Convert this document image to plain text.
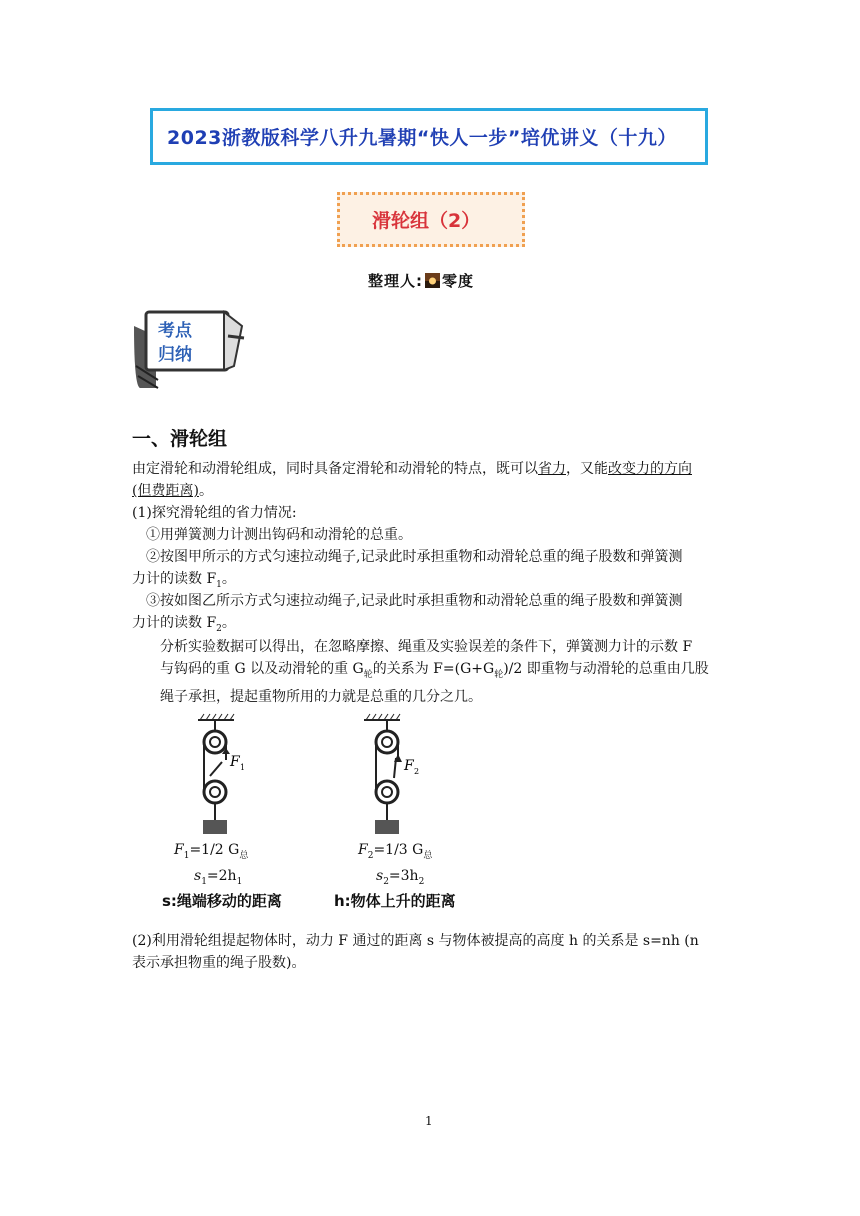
2023浙教版科学八升九暑期“快人一步”培优讲义（十九）
滑轮组（2）
整理人: 零度
考点
归纳
一、滑轮组
由定滑轮和动滑轮组成，同时具备定滑轮和动滑轮的特点，既可以省力，又能改变力的方向
(但费距离)。
(1)探究滑轮组的省力情况:
①用弹簧测力计测出钩码和动滑轮的总重。
②按图甲所示的方式匀速拉动绳子,记录此时承担重物和动滑轮总重的绳子股数和弹簧测
力计的读数 $F_1$。
③按如图乙所示方式匀速拉动绳子,记录此时承担重物和动滑轮总重的绳子股数和弹簧测
力计的读数 $F_2$。
分析实验数据可以得出，在忽略摩擦、绳重及实验误差的条件下，弹簧测力计的示数 F
与钩码的重 G 以及动滑轮的重 $G_轮$的关系为 $F=(G+G_轮)/2$ 即重物与动滑轮的总重由几股
绳子承担，提起重物所用的力就是总重的几分之几。
F 1	F 2
$F_1=1/2$ $G_总$	$F_2=1/3$ $G_总$
$s_1=2h_1$	$s_2=3h_2$
s:绳端移动的距离	h:物体上升的距离
(2)利用滑轮组提起物体时，动力 F 通过的距离 s 与物体被提高的高度 h 的关系是 s=nh (n
表示承担物重的绳子股数)。
1
